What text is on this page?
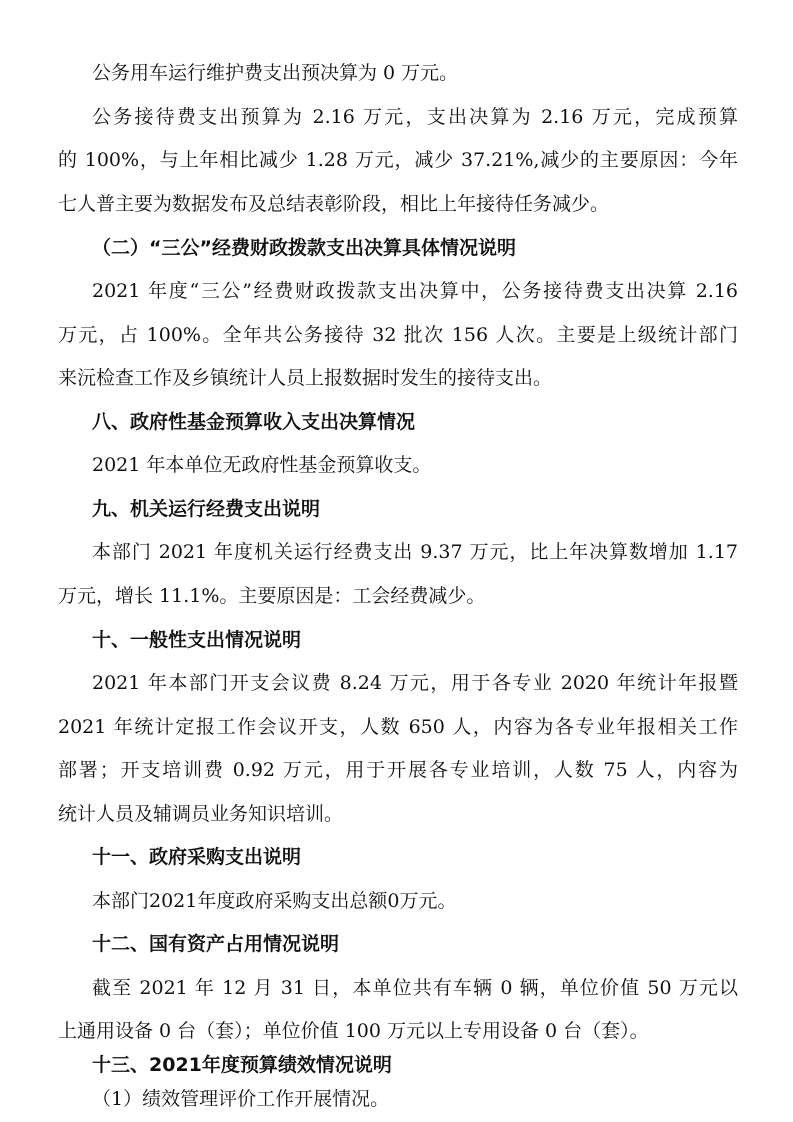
公务用车运行维护费支出预决算为 0 万元。
公务接待费支出预算为 2.16 万元，支出决算为 2.16 万元，完成预算
的 100%，与上年相比减少 1.28 万元，减少 37.21%,减少的主要原因：今年
七人普主要为数据发布及总结表彰阶段，相比上年接待任务减少。
（二）“三公”经费财政拨款支出决算具体情况说明
2021 年度“三公”经费财政拨款支出决算中，公务接待费支出决算 2.16
万元，占 100%。全年共公务接待 32 批次 156 人次。主要是上级统计部门
来沅检查工作及乡镇统计人员上报数据时发生的接待支出。
八、政府性基金预算收入支出决算情况
2021 年本单位无政府性基金预算收支。
九、机关运行经费支出说明
本部门 2021 年度机关运行经费支出 9.37 万元，比上年决算数增加 1.17
万元，增长 11.1%。主要原因是：工会经费减少。
十、一般性支出情况说明
2021 年本部门开支会议费 8.24 万元，用于各专业 2020 年统计年报暨
2021 年统计定报工作会议开支，人数 650 人，内容为各专业年报相关工作
部署；开支培训费 0.92 万元，用于开展各专业培训，人数 75 人，内容为
统计人员及辅调员业务知识培训。
十一、政府采购支出说明
本部门2021年度政府采购支出总额0万元。
十二、国有资产占用情况说明
截至 2021 年 12 月 31 日，本单位共有车辆 0 辆，单位价值 50 万元以
上通用设备 0 台（套）；单位价值 100 万元以上专用设备 0 台（套）。
十三、2021年度预算绩效情况说明
（1）绩效管理评价工作开展情况。
